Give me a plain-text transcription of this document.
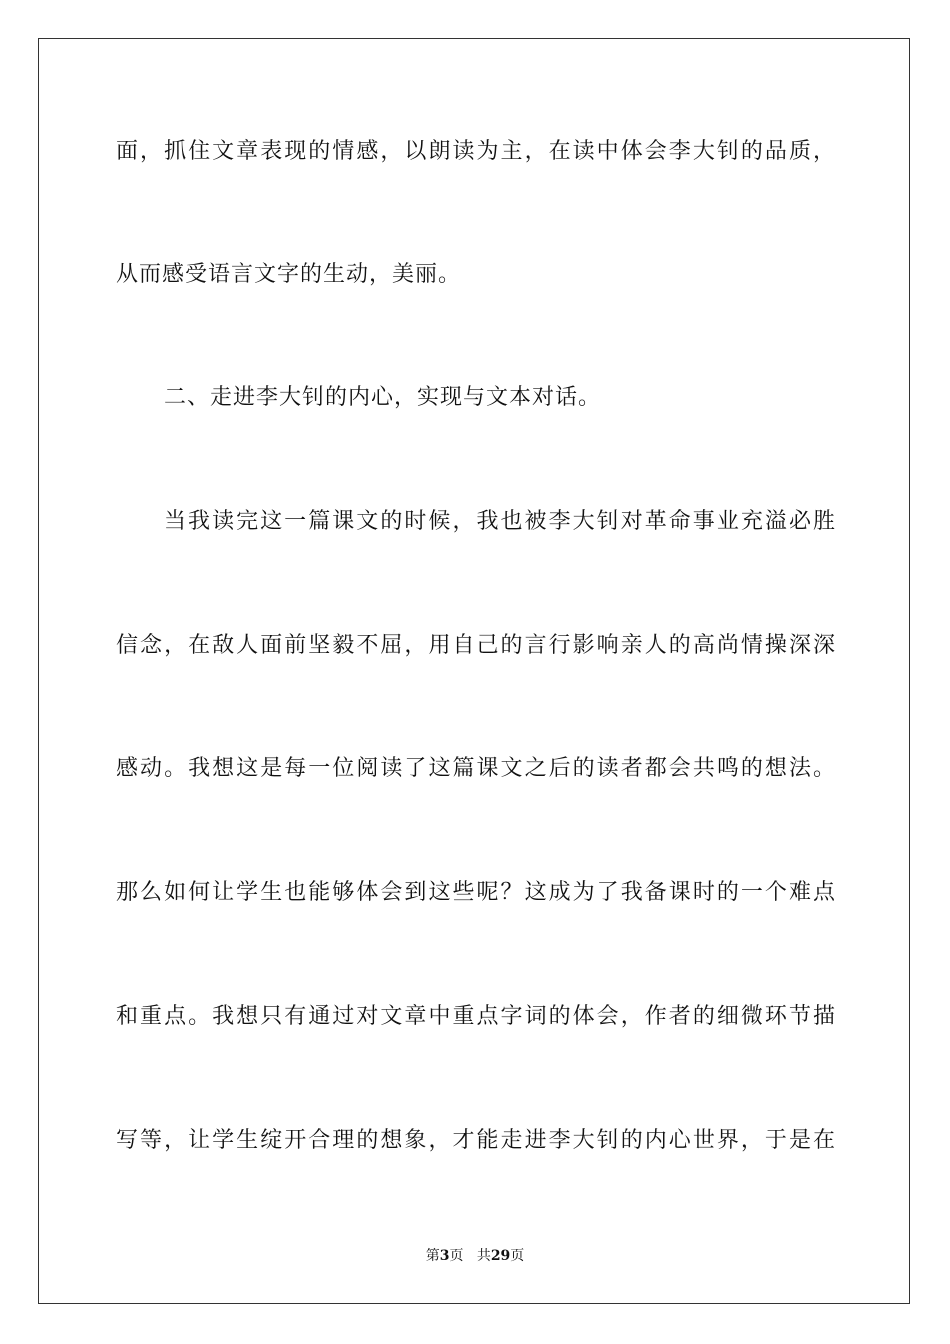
面，抓住文章表现的情感，以朗读为主，在读中体会李大钊的品质，
从而感受语言文字的生动，美丽。
二、走进李大钊的内心，实现与文本对话。
当我读完这一篇课文的时候，我也被李大钊对革命事业充溢必胜
信念，在敌人面前坚毅不屈，用自己的言行影响亲人的高尚情操深深
感动。我想这是每一位阅读了这篇课文之后的读者都会共鸣的想法。
那么如何让学生也能够体会到这些呢？这成为了我备课时的一个难点
和重点。我想只有通过对文章中重点字词的体会，作者的细微环节描
写等，让学生绽开合理的想象，才能走进李大钊的内心世界，于是在
第3页 共29页
